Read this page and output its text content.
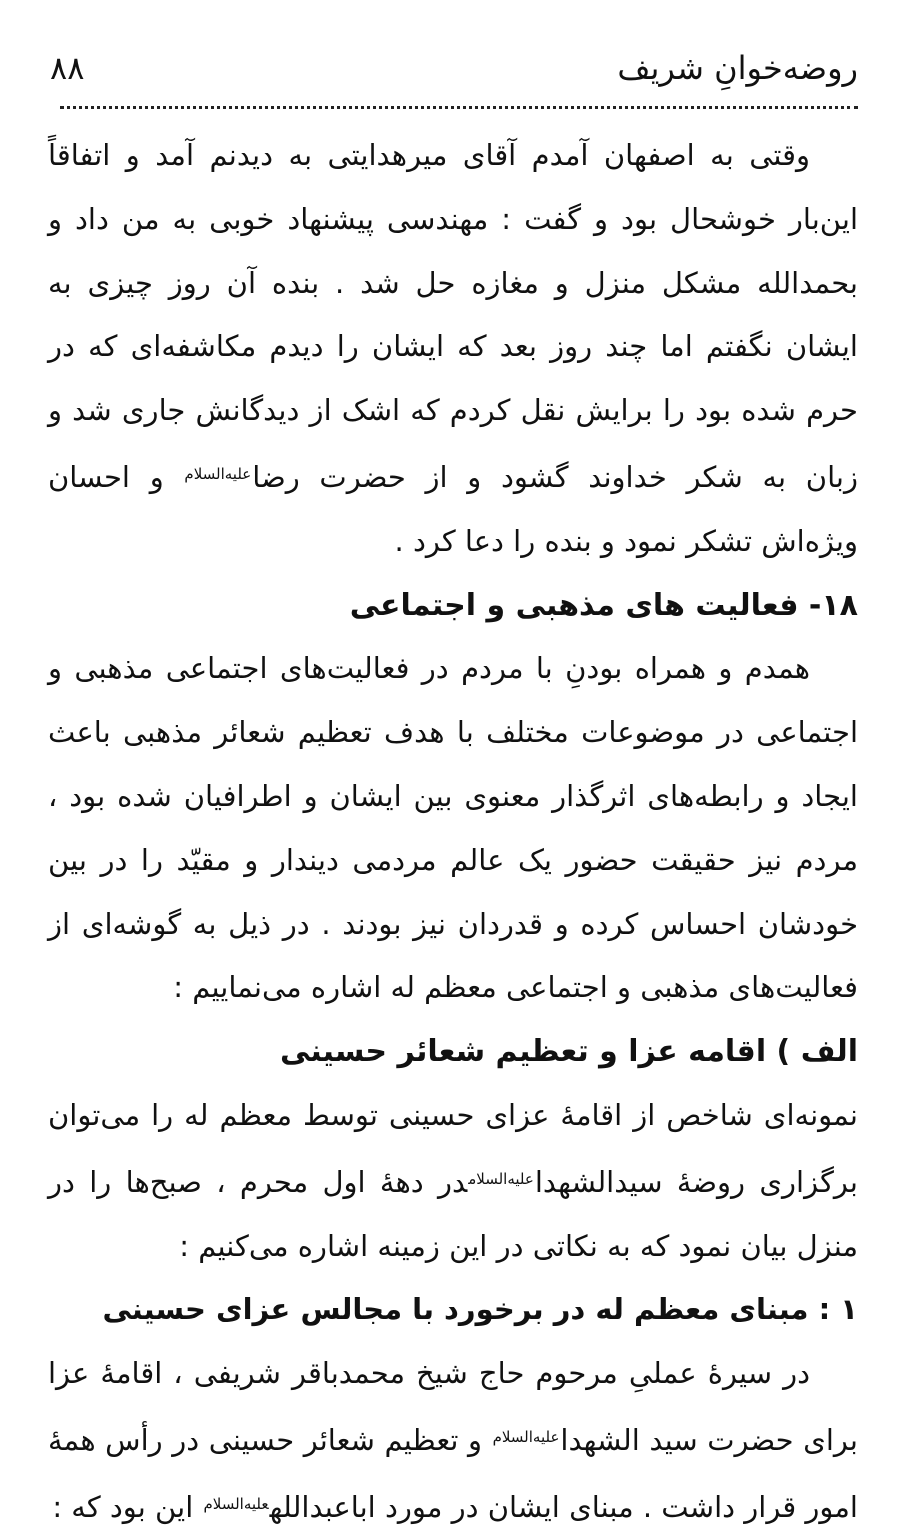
روضه‌خوانِ شریف
۸۸

وقتی به اصفهان آمدم آقای میرهدایتی به دیدنم آمد و اتفاقاً این‌بار خوشحال بود و گفت : مهندسی پیشنهاد خوبی به من داد و بحمدالله مشکل منزل و مغازه حل شد . بنده آن روز چیزی به ایشان نگفتم اما چند روز بعد که ایشان را دیدم مکاشفه‌ای که در حرم شده بود را برایش نقل کردم که اشک از دیدگانش جاری شد و زبان به شکر خداوند گشود و از حضرت رضا$^{علیه‌السلام}$ و احسان ویژه‌اش تشکر نمود و بنده را دعا کرد .

۱۸- فعالیت های مذهبی و اجتماعی

همدم و همراه بودنِ با مردم در فعالیت‌های اجتماعی مذهبی و اجتماعی در موضوعات مختلف با هدف تعظیم شعائر مذهبی باعث ایجاد و رابطه‌های اثرگذار معنوی بین ایشان و اطرافیان شده بود ، مردم نیز حقیقت حضور یک عالم مردمی دیندار و مقیّد را در بین خودشان احساس کرده و قدردان نیز بودند . در ذیل به گوشه‌ای از فعالیت‌های مذهبی و اجتماعی معظم له اشاره می‌نماییم :

الف ) اقامه عزا و تعظیم شعائر حسینی

نمونه‌ای شاخص از اقامهٔ عزای حسینی توسط معظم له را می‌توان برگزاری روضهٔ سیدالشهدا$^{علیه‌السلام}$در دههٔ اول محرم ، صبح‌ها را در منزل بیان نمود که به نکاتی در این زمینه اشاره می‌کنیم :

۱ : مبنای معظم له در برخورد با مجالس عزای حسینی

در سیرهٔ عملیِ مرحوم حاج شیخ محمدباقر شریفی ، اقامهٔ عزا برای حضرت سید الشهدا$^{علیه‌السلام}$ و تعظیم شعائر حسینی در رأس همهٔ امور قرار داشت . مبنای ایشان در مورد اباعبدالله$^{علیه‌السلام}$ این بود که :
